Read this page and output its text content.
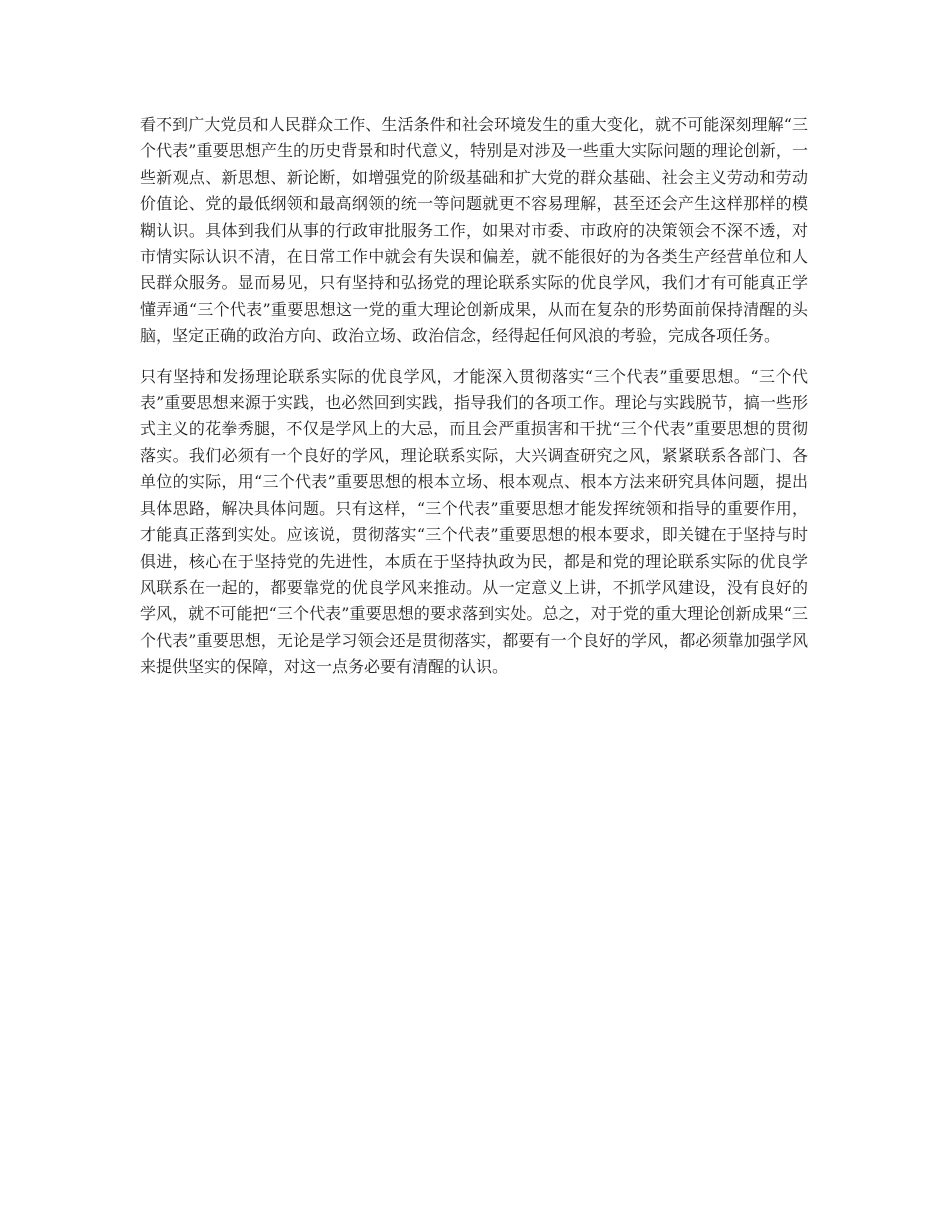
看不到广大党员和人民群众工作、生活条件和社会环境发生的重大变化，就不可能深刻理解“三个代表”重要思想产生的历史背景和时代意义，特别是对涉及一些重大实际问题的理论创新，一些新观点、新思想、新论断，如增强党的阶级基础和扩大党的群众基础、社会主义劳动和劳动价值论、党的最低纲领和最高纲领的统一等问题就更不容易理解，甚至还会产生这样那样的模糊认识。具体到我们从事的行政审批服务工作，如果对市委、市政府的决策领会不深不透，对市情实际认识不清，在日常工作中就会有失误和偏差，就不能很好的为各类生产经营单位和人民群众服务。显而易见，只有坚持和弘扬党的理论联系实际的优良学风，我们才有可能真正学懂弄通“三个代表”重要思想这一党的重大理论创新成果，从而在复杂的形势面前保持清醒的头脑，坚定正确的政治方向、政治立场、政治信念，经得起任何风浪的考验，完成各项任务。

只有坚持和发扬理论联系实际的优良学风，才能深入贯彻落实“三个代表”重要思想。“三个代表”重要思想来源于实践，也必然回到实践，指导我们的各项工作。理论与实践脱节，搞一些形式主义的花拳秀腿，不仅是学风上的大忌，而且会严重损害和干扰“三个代表”重要思想的贯彻落实。我们必须有一个良好的学风，理论联系实际，大兴调查研究之风，紧紧联系各部门、各单位的实际，用“三个代表”重要思想的根本立场、根本观点、根本方法来研究具体问题，提出具体思路，解决具体问题。只有这样，“三个代表”重要思想才能发挥统领和指导的重要作用，才能真正落到实处。应该说，贯彻落实“三个代表”重要思想的根本要求，即关键在于坚持与时俱进，核心在于坚持党的先进性，本质在于坚持执政为民，都是和党的理论联系实际的优良学风联系在一起的，都要靠党的优良学风来推动。从一定意义上讲，不抓学风建设，没有良好的学风，就不可能把“三个代表”重要思想的要求落到实处。总之，对于党的重大理论创新成果“三个代表”重要思想，无论是学习领会还是贯彻落实，都要有一个良好的学风，都必须靠加强学风来提供坚实的保障，对这一点务必要有清醒的认识。
